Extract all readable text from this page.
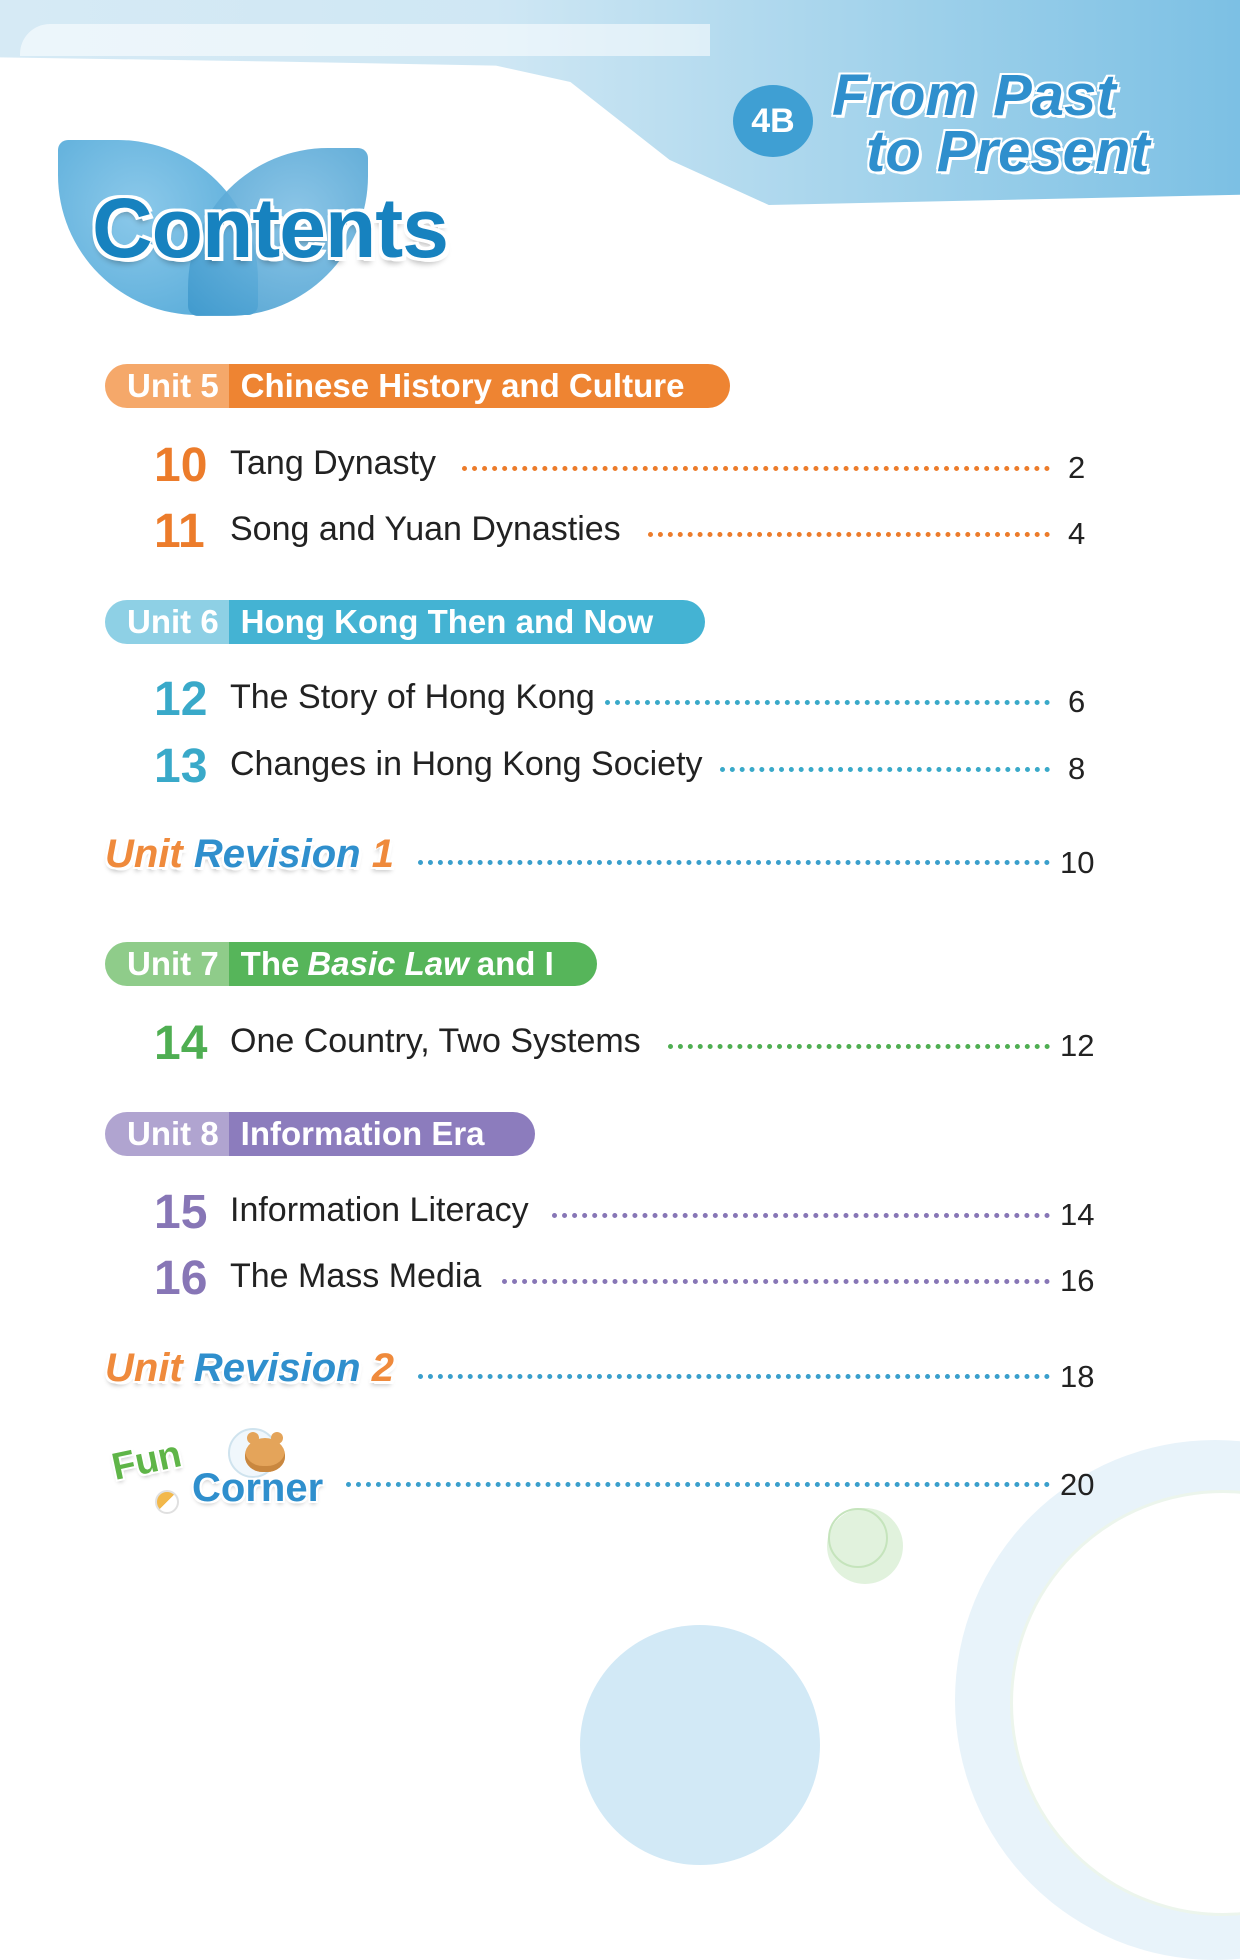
4B From Past
to Present
Contents
Unit 5 Chinese History and Culture
10 Tang Dynasty	2
11 Song and Yuan Dynasties	4
Unit 6 Hong Kong Then and Now
12 The Story of Hong Kong	6
13 Changes in Hong Kong Society	8
Unit Revision 1	10
Unit 7 The Basic Law and I
14 One Country, Two Systems	12
Unit 8 Information Era
15 Information Literacy	14
16 The Mass Media	16
Unit Revision 2	18
Fun Corner	20
